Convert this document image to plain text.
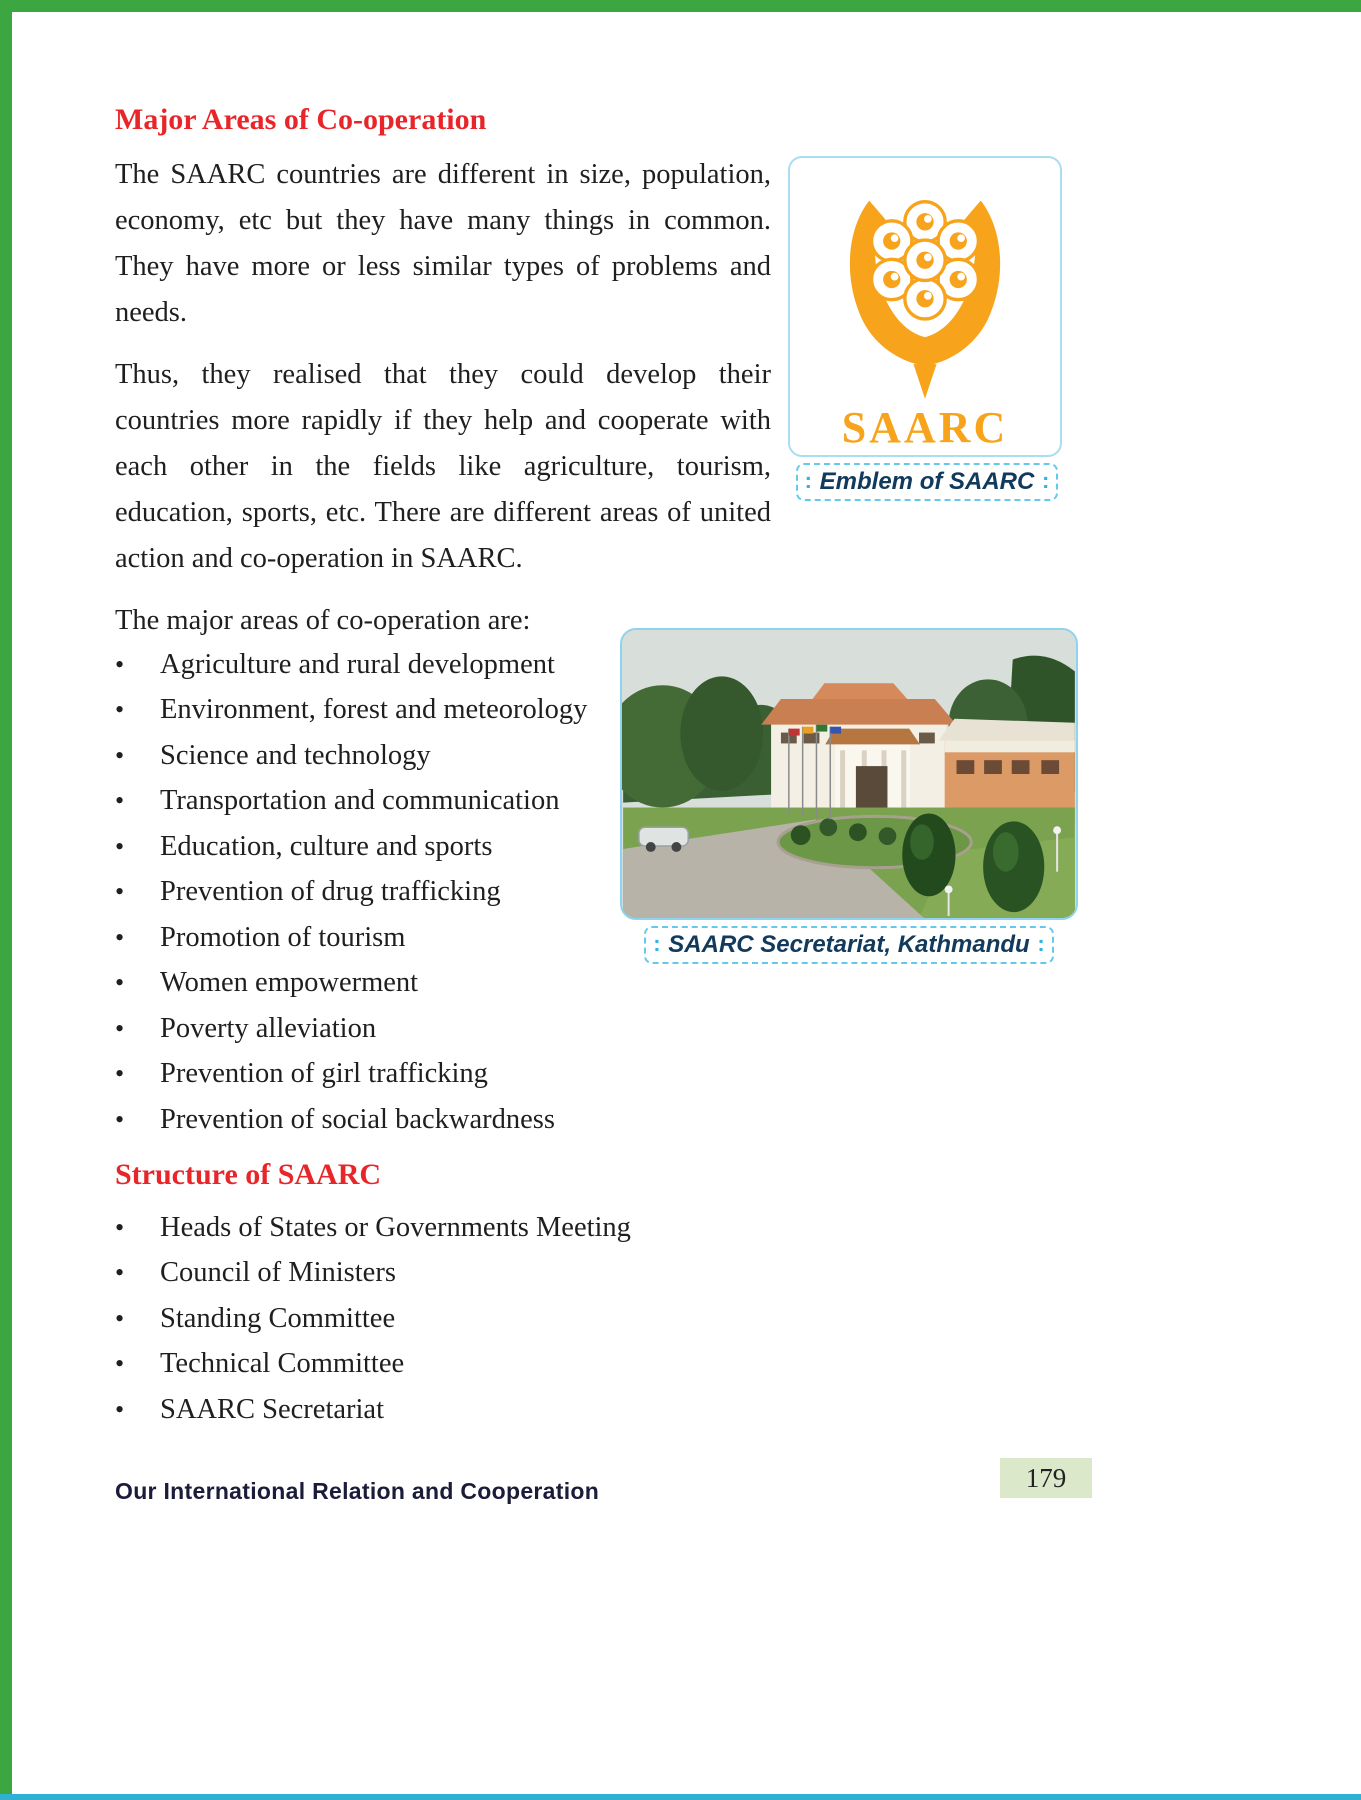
Major Areas of Co-operation
SAARC
: Emblem of SAARC :

The SAARC countries are different in size, population, economy, etc but they have many things in common. They have more or less similar types of problems and needs.

Thus, they realised that they could develop their countries more rapidly if they help and cooperate with each other in the fields like agriculture, tourism, education, sports, etc. There are different areas of united action and co-operation in SAARC.

The major areas of co-operation are:

•	Agriculture and rural development
•	Environment, forest and meteorology
•	Science and technology
•	Transportation and communication
•	Education, culture and sports
•	Prevention of drug trafficking
•	Promotion of tourism
•	Women empowerment
•	Poverty alleviation
•	Prevention of girl trafficking
•	Prevention of social backwardness
: SAARC Secretariat, Kathmandu :
Structure of SAARC
•	Heads of States or Governments Meeting
•	Council of Ministers
•	Standing Committee
•	Technical Committee
•	SAARC Secretariat
Our International Relation and Cooperation	179
